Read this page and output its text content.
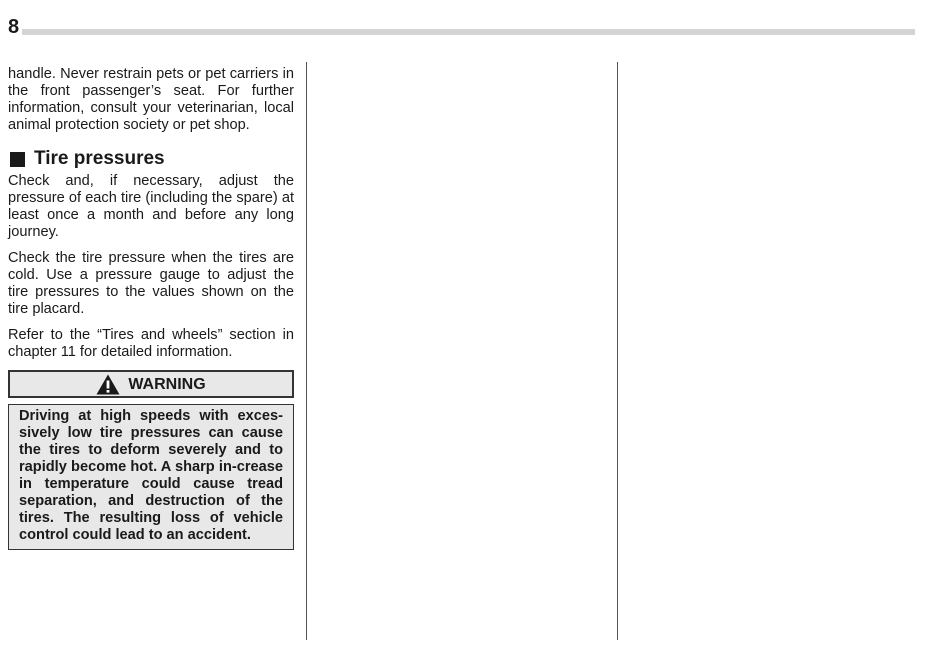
8

handle. Never restrain pets or pet carriers in the front passenger’s seat. For further information, consult your veterinarian, local animal protection society or pet shop.

Tire pressures

Check and, if necessary, adjust the pressure of each tire (including the spare) at least once a month and before any long journey.

Check the tire pressure when the tires are cold. Use a pressure gauge to adjust the tire pressures to the values shown on the tire placard.

Refer to the “Tires and wheels” section in chapter 11 for detailed information.

WARNING
Driving at high speeds with exces-sively low tire pressures can cause the tires to deform severely and to rapidly become hot. A sharp in-crease in temperature could cause tread separation, and destruction of the tires. The resulting loss of vehicle control could lead to an accident.
